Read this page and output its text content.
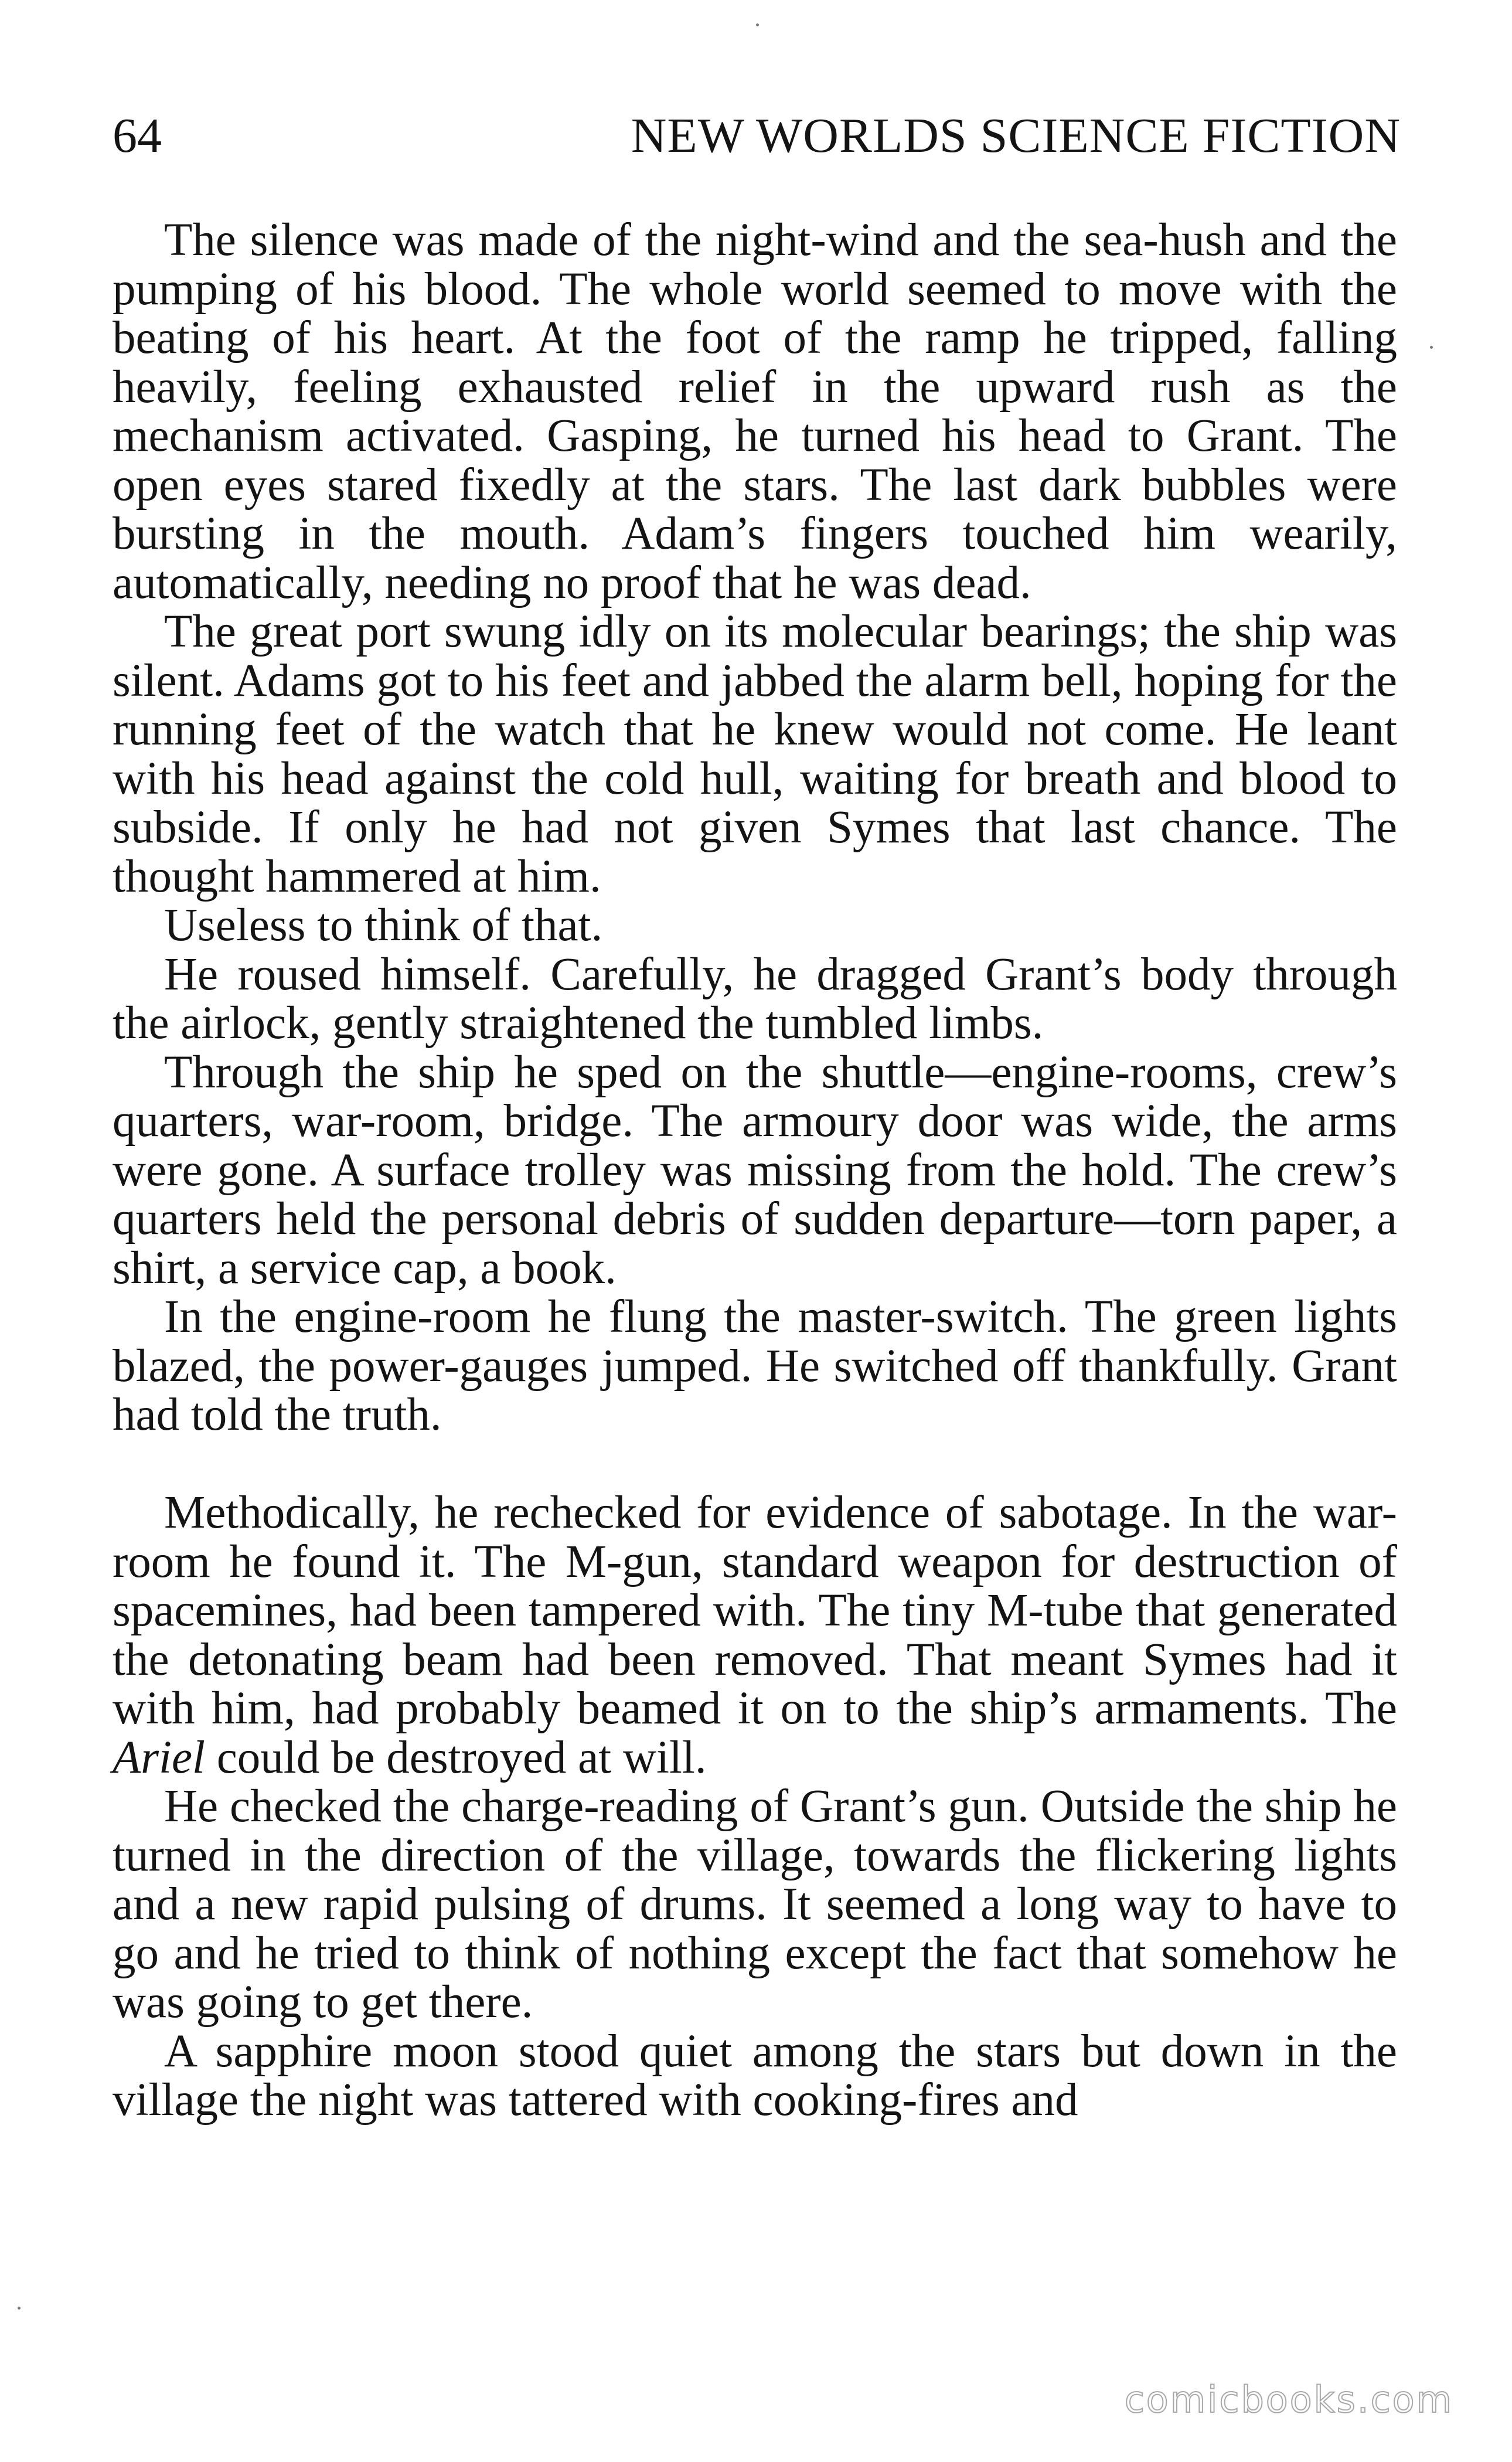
64	NEW WORLDS SCIENCE FICTION

The silence was made of the night-wind and the sea-hush and the pumping of his blood. The whole world seemed to move with the beating of his heart. At the foot of the ramp he tripped, falling heavily, feeling exhausted relief in the upward rush as the mechanism activated. Gasping, he turned his head to Grant. The open eyes stared fixedly at the stars. The last dark bubbles were bursting in the mouth. Adam’s fingers touched him wearily, automatically, needing no proof that he was dead.

The great port swung idly on its molecular bearings; the ship was silent. Adams got to his feet and jabbed the alarm bell, hoping for the running feet of the watch that he knew would not come. He leant with his head against the cold hull, waiting for breath and blood to subside. If only he had not given Symes that last chance. The thought hammered at him.

Useless to think of that.

He roused himself. Carefully, he dragged Grant’s body through the airlock, gently straightened the tumbled limbs.

Through the ship he sped on the shuttle—engine-rooms, crew’s quarters, war-room, bridge. The armoury door was wide, the arms were gone. A surface trolley was missing from the hold. The crew’s quarters held the personal debris of sudden departure—torn paper, a shirt, a service cap, a book.

In the engine-room he flung the master-switch. The green lights blazed, the power-gauges jumped. He switched off thankfully. Grant had told the truth.

Methodically, he rechecked for evidence of sabotage. In the war-room he found it. The M-gun, standard weapon for destruction of spacemines, had been tampered with. The tiny M-tube that generated the detonating beam had been removed. That meant Symes had it with him, had probably beamed it on to the ship’s armaments. The Ariel could be destroyed at will.

He checked the charge-reading of Grant’s gun. Outside the ship he turned in the direction of the village, towards the flickering lights and a new rapid pulsing of drums. It seemed a long way to have to go and he tried to think of nothing except the fact that somehow he was going to get there.

A sapphire moon stood quiet among the stars but down in the village the night was tattered with cooking-fires and

comicbooks.com
